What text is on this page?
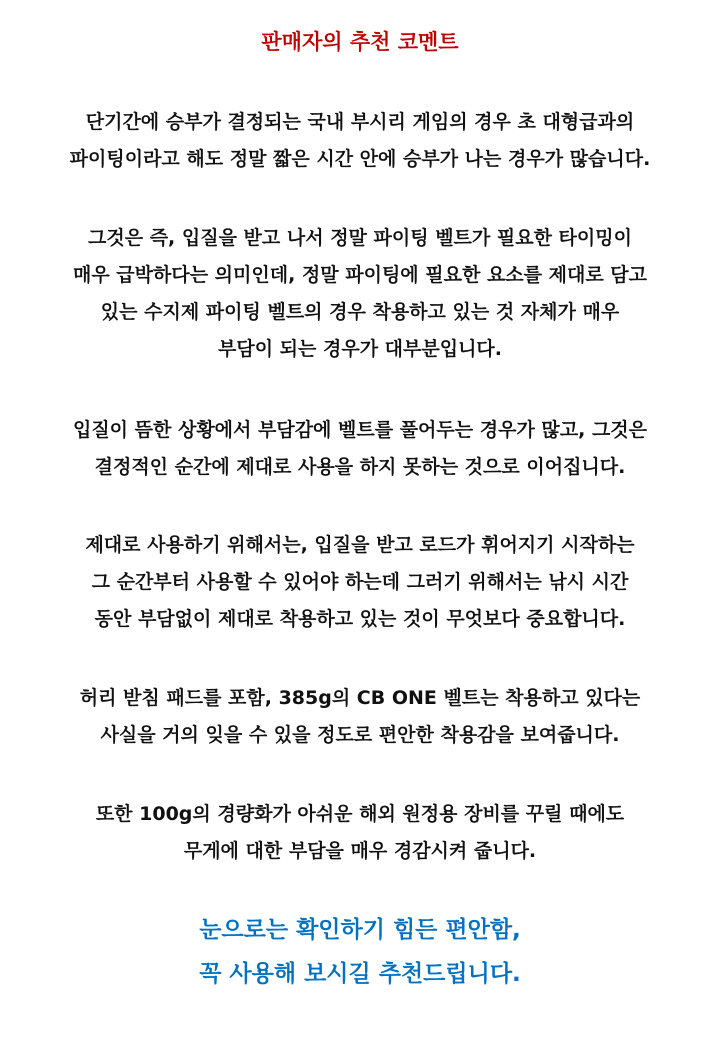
판매자의 추천 코멘트
단기간에 승부가 결정되는 국내 부시리 게임의 경우 초 대형급과의
파이팅이라고 해도 정말 짧은 시간 안에 승부가 나는 경우가 많습니다.
그것은 즉, 입질을 받고 나서 정말 파이팅 벨트가 필요한 타이밍이
매우 급박하다는 의미인데, 정말 파이팅에 필요한 요소를 제대로 담고
있는 수지제 파이팅 벨트의 경우 착용하고 있는 것 자체가 매우
부담이 되는 경우가 대부분입니다.
입질이 뜸한 상황에서 부담감에 벨트를 풀어두는 경우가 많고, 그것은
결정적인 순간에 제대로 사용을 하지 못하는 것으로 이어집니다.
제대로 사용하기 위해서는, 입질을 받고 로드가 휘어지기 시작하는
그 순간부터 사용할 수 있어야 하는데 그러기 위해서는 낚시 시간
동안 부담없이 제대로 착용하고 있는 것이 무엇보다 중요합니다.
허리 받침 패드를 포함, 385g의 CB ONE 벨트는 착용하고 있다는
사실을 거의 잊을 수 있을 정도로 편안한 착용감을 보여줍니다.
또한 100g의 경량화가 아쉬운 해외 원정용 장비를 꾸릴 때에도
무게에 대한 부담을 매우 경감시켜 줍니다.
눈으로는 확인하기 힘든 편안함,
꼭 사용해 보시길 추천드립니다.
